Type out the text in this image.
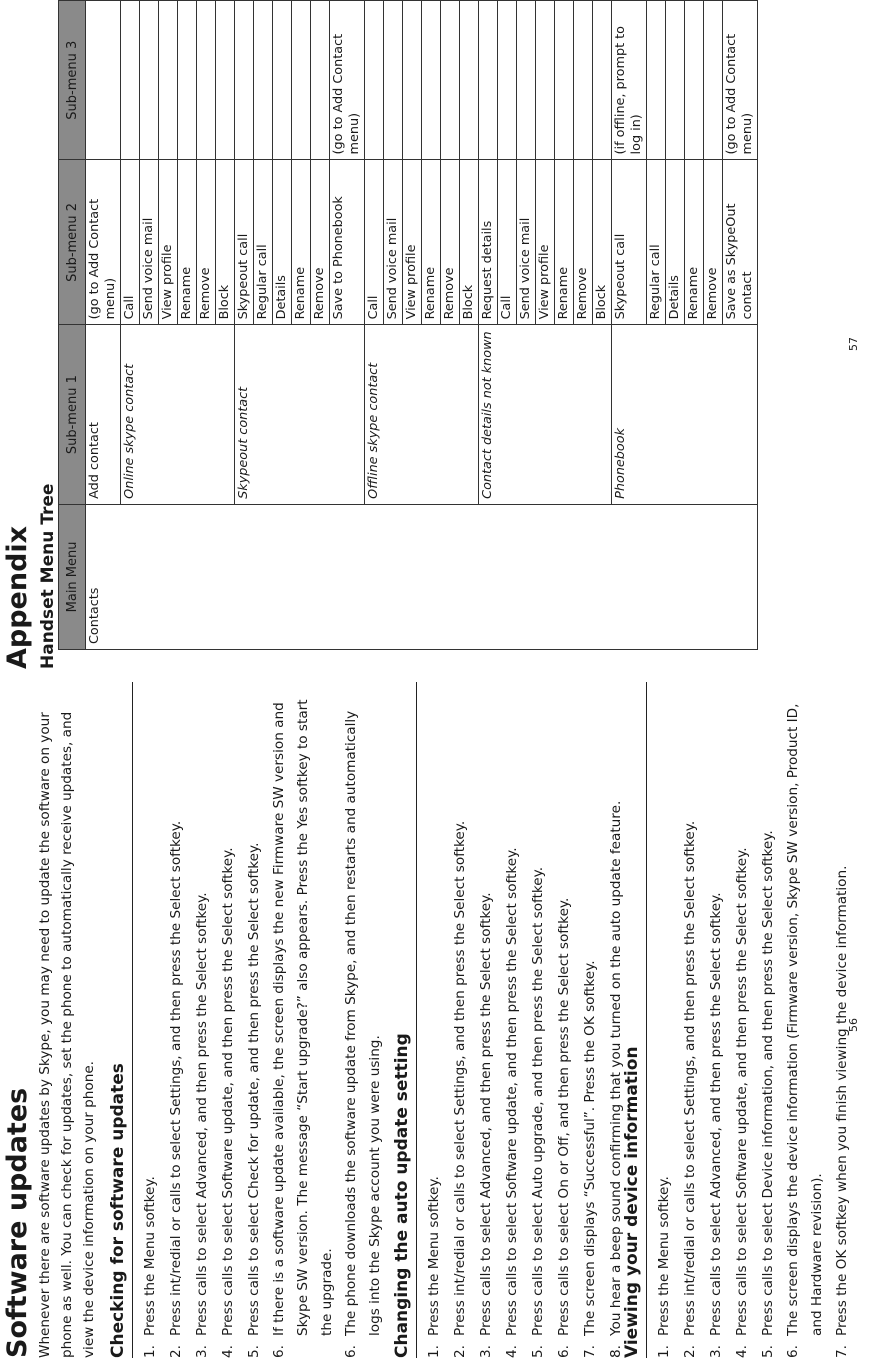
Software updates Whenever there are software updates by Skype, you may need to update the software on your phone as well. You can check for updates, set the phone to automatically receive updates, and view the device information on your phone. Checking for software updates	1.
Press the Menu softkey.
2.
Press int/redial or calls to select Settings, and then press the Select softkey.
3.
Press calls to select Advanced, and then press the Select softkey.
4.
Press calls to select Software update, and then press the Select softkey.
5.
Press calls to select Check for update, and then press the Select softkey.
6.
If there is a software update available, the screen displays the new Firmware SW version and Skype SW version. The message “Start upgrade?” also appears. Press the Yes softkey to start the upgrade.
6.
The phone downloads the software update from Skype, and then restarts and automatically logs into the Skype account you were using. Changing the auto update setting	1.
Press the Menu softkey.
2.
Press int/redial or calls to select Settings, and then press the Select softkey.
3.
Press calls to select Advanced, and then press the Select softkey.
4.
Press calls to select Software update, and then press the Select softkey.
5.
Press calls to select Auto upgrade, and then press the Select softkey.
6.
Press calls to select On or Off, and then press the Select softkey.
7.
The screen displays “Successful”. Press the OK softkey.
8.
You hear a beep sound confirming that you turned on the auto update feature.
Viewing your device information	1.
Press the Menu softkey.
2.
Press int/redial or calls to select Settings, and then press the Select softkey.
3.
Press calls to select Advanced, and then press the Select softkey.
4.
Press calls to select Software update, and then press the Select softkey.
5.
Press calls to select Device information, and then press the Select softkey.
6.
The screen displays the device information (Firmware version, Skype SW version, Product ID, and Hardware revision).
7.
Press the OK softkey when you finish viewing the device information.
56
Appendix Handset Menu Tree Main Menu	Sub-menu 1	Sub-menu 2	Sub-menu 3
Contacts	Add contact	(go to Add Contact menu)	
	Online skype contact	Call	
		Send voice mail	
		View profile	
		Rename	
		Remove	
		Block	
	Skypeout contact	Skypeout call	
		Regular call	
		Details	
		Rename	
		Remove	
		Save to Phonebook	(go to Add Contact menu)
	Offline skype contact	Call	
		Send voice mail	
		View profile	
		Rename	
		Remove	
		Block	
	Contact details not known	Request details	
		Call	
		Send voice mail	
		View profile	
		Rename	
		Remove	
		Block	
	Phonebook	Skypeout call	(if offline, prompt to log in)
		Regular call	
		Details	
		Rename	
		Remove	
		Save as SkypeOut contact	(go to Add Contact menu)
57
